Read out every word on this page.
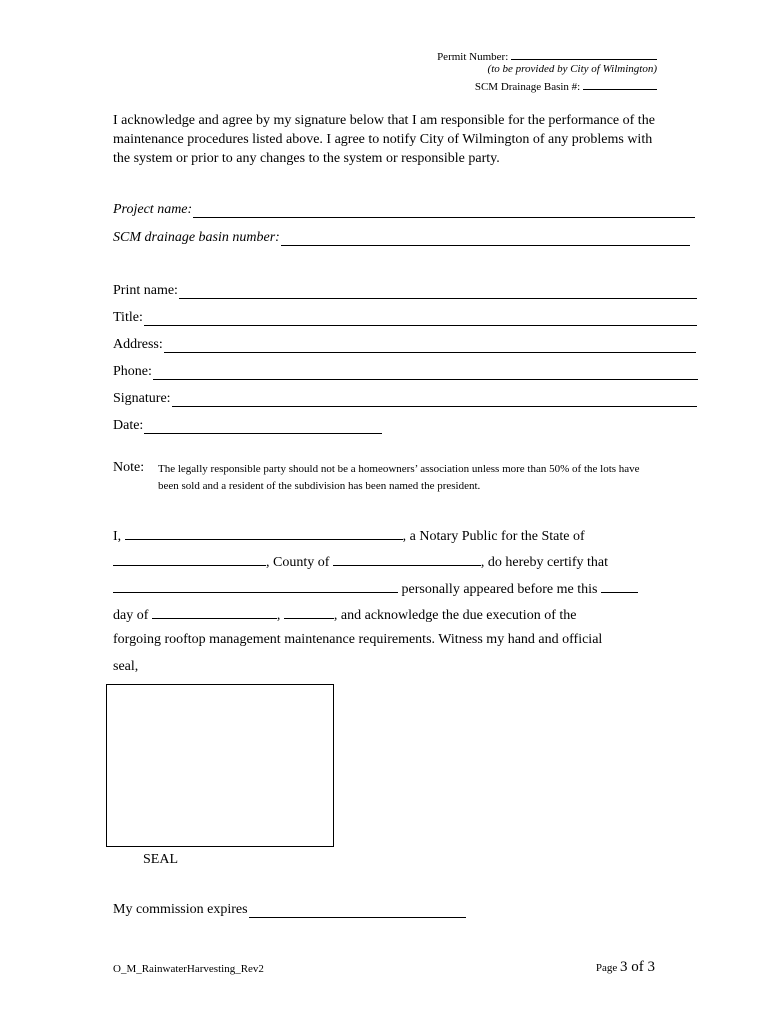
Permit Number:
(to be provided by City of Wilmington)
SCM Drainage Basin #:
I acknowledge and agree by my signature below that I am responsible for the performance of the maintenance procedures listed above. I agree to notify City of Wilmington of any problems with the system or prior to any changes to the system or responsible party.
Project name:
SCM drainage basin number:
Print name:
Title:
Address:
Phone:
Signature:
Date:
Note: The legally responsible party should not be a homeowners’ association unless more than 50% of the lots have been sold and a resident of the subdivision has been named the president.
I,	, a Notary Public for the State of
, County of	, do hereby certify that
personally appeared before me this
day of	,	, and acknowledge the due execution of the
forgoing rooftop management maintenance requirements. Witness my hand and official
seal,
SEAL
My commission expires
O_M_RainwaterHarvesting_Rev2	Page 3 of 3
